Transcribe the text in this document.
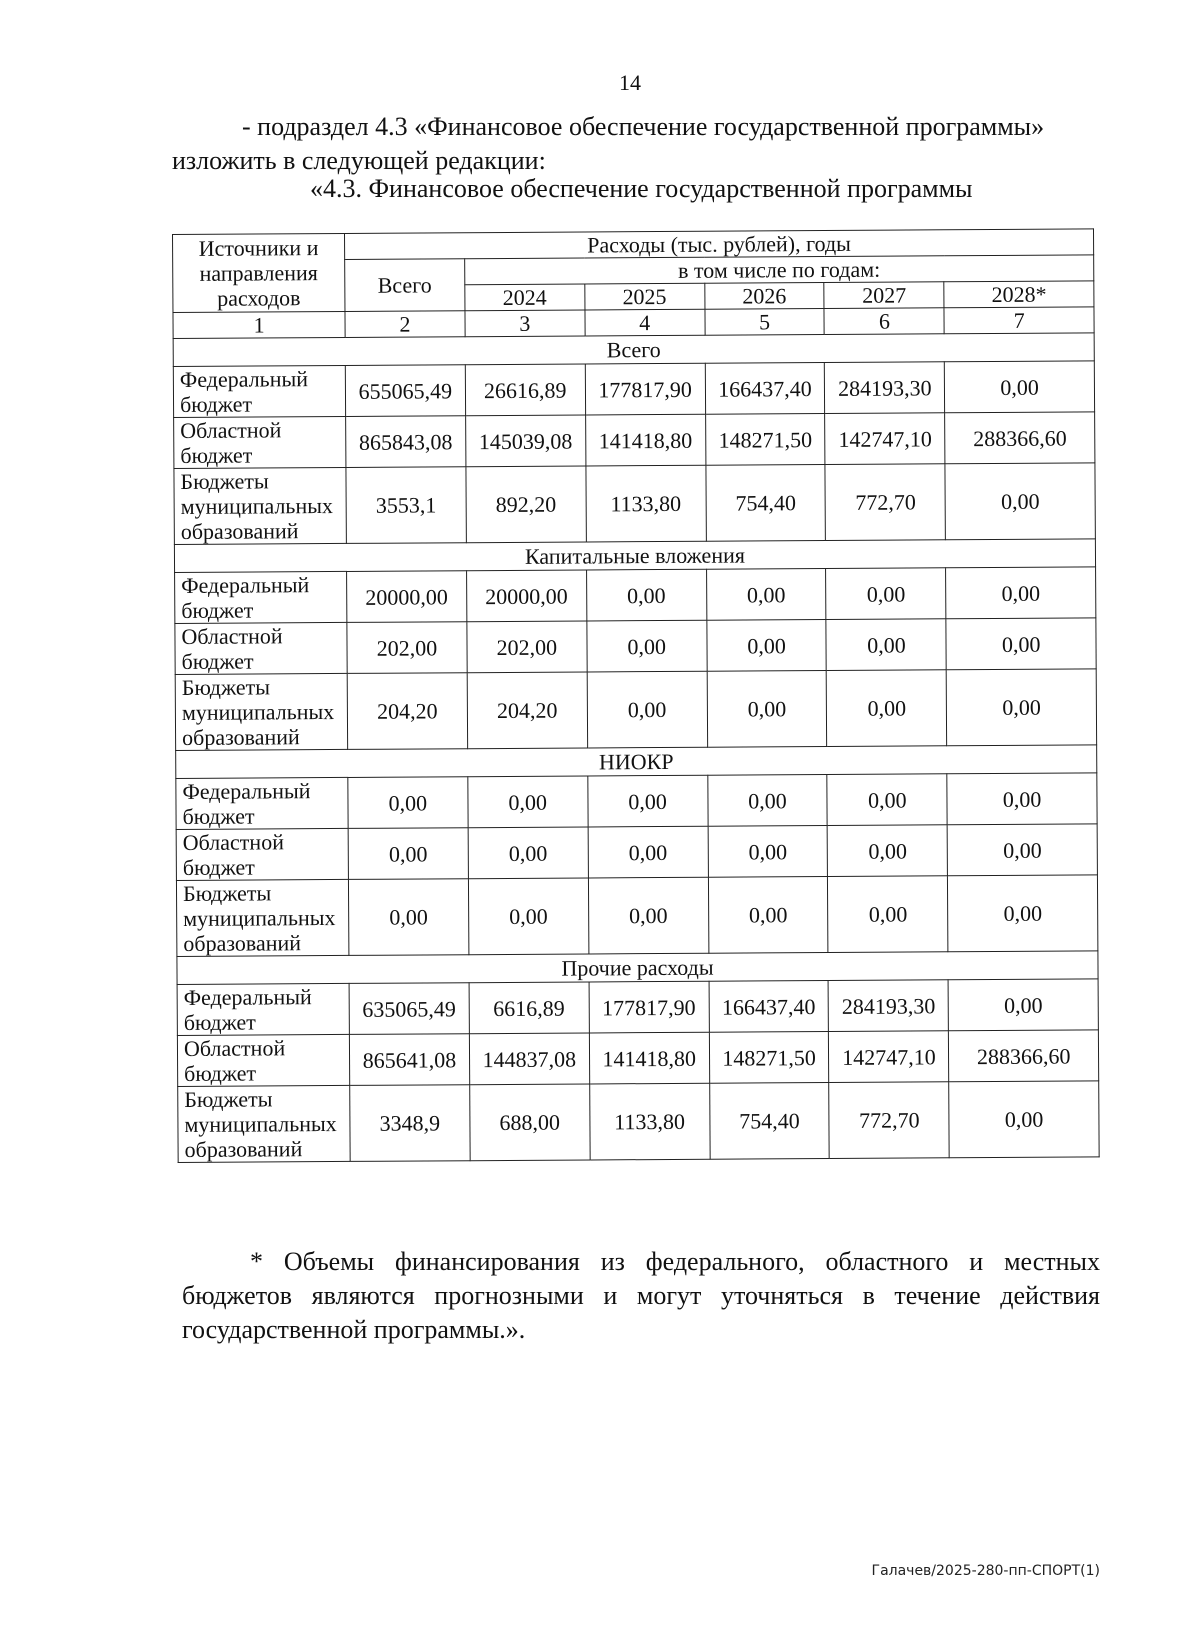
14
- подраздел 4.3 «Финансовое обеспечение государственной программы»
изложить в следующей редакции:
«4.3. Финансовое обеспечение государственной программы
Источники и направления расходов	Расходы (тыс. рублей), годы					
	Всего	в том числе по годам:				
		2024	2025	2026	2027	2028*
1	2	3	4	5	6	7
Всего						
Федеральный бюджет	655065,49	26616,89	177817,90	166437,40	284193,30	0,00
Областной бюджет	865843,08	145039,08	141418,80	148271,50	142747,10	288366,60
Бюджеты муниципальных образований	3553,1	892,20	1133,80	754,40	772,70	0,00
Капитальные вложения						
Федеральный бюджет	20000,00	20000,00	0,00	0,00	0,00	0,00
Областной бюджет	202,00	202,00	0,00	0,00	0,00	0,00
Бюджеты муниципальных образований	204,20	204,20	0,00	0,00	0,00	0,00
НИОКР						
Федеральный бюджет	0,00	0,00	0,00	0,00	0,00	0,00
Областной бюджет	0,00	0,00	0,00	0,00	0,00	0,00
Бюджеты муниципальных образований	0,00	0,00	0,00	0,00	0,00	0,00
Прочие расходы						
Федеральный бюджет	635065,49	6616,89	177817,90	166437,40	284193,30	0,00
Областной бюджет	865641,08	144837,08	141418,80	148271,50	142747,10	288366,60
Бюджеты муниципальных образований	3348,9	688,00	1133,80	754,40	772,70	0,00
* Объемы финансирования из федерального, областного и местных бюджетов являются прогнозными и могут уточняться в течение действия государственной программы.».
Галачев/2025-280-пп-СПОРТ(1)
